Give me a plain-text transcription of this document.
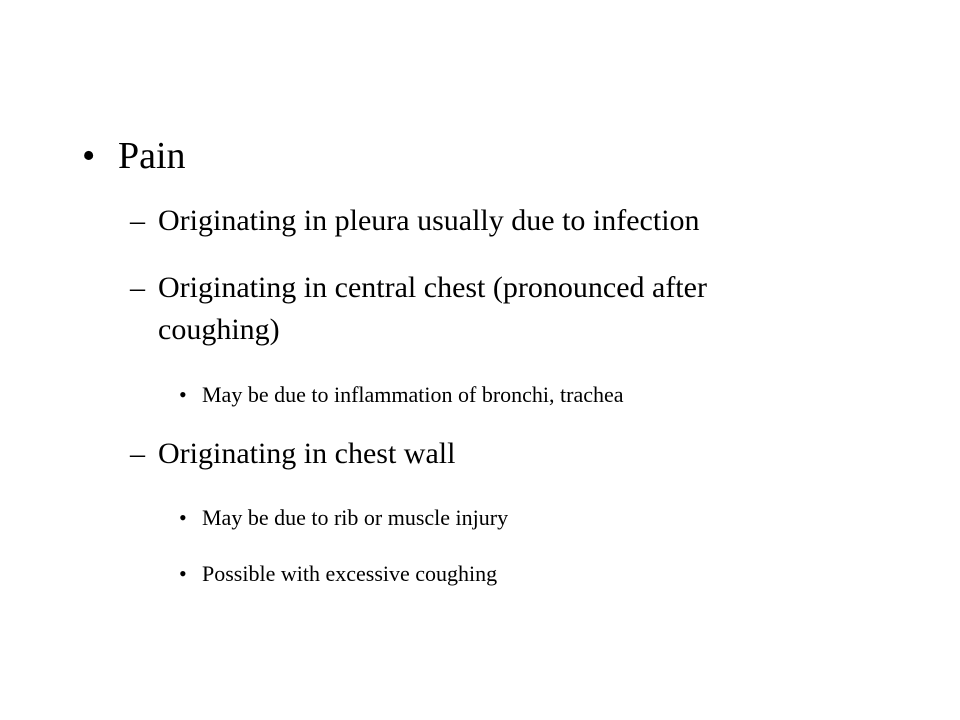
• Pain
– Originating in pleura usually due to infection
– Originating in central chest (pronounced after
coughing)
• May be due to inflammation of bronchi, trachea
– Originating in chest wall
• May be due to rib or muscle injury
• Possible with excessive coughing
